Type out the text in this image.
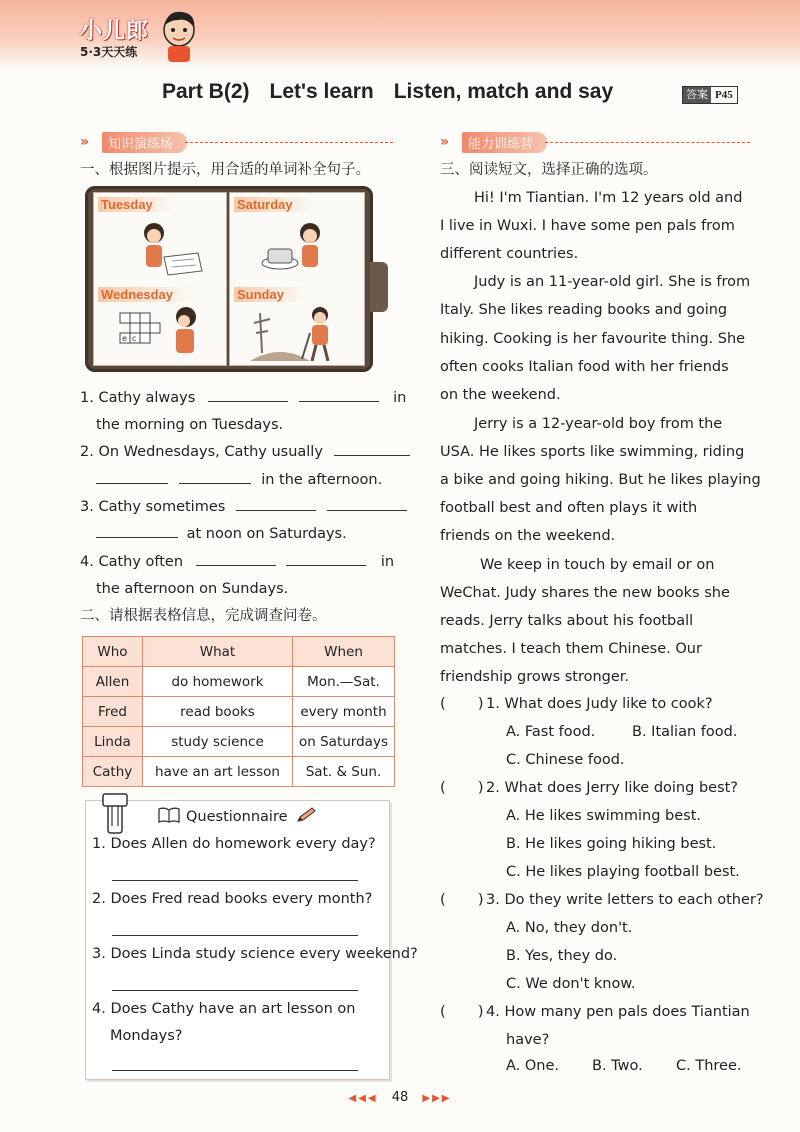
小儿郎
5·3天天练
Part B(2) Let's learn Listen, match and say	答案 P45
»	知识演练场
一、根据图片提示，用合适的单词补全句子。
Tuesday
Wednesday
e c
Saturday
Sunday
1. Cathy always	in
the morning on Tuesdays.
2. On Wednesdays, Cathy usually
in the afternoon.
3. Cathy sometimes
at noon on Saturdays.
4. Cathy often	in
the afternoon on Sundays.
二、请根据表格信息，完成调查问卷。
Who	What	When
Allen	do homework	Mon.—Sat.
Fred	read books	every month
Linda	study science	on Saturdays
Cathy	have an art lesson	Sat. & Sun.
Questionnaire
1. Does Allen do homework every day?
2. Does Fred read books every month?
3. Does Linda study science every weekend?
4. Does Cathy have an art lesson on
Mondays?
»	能力训练营
三、阅读短文，选择正确的选项。
Hi! I'm Tiantian. I'm 12 years old and
I live in Wuxi. I have some pen pals from
different countries.
Judy is an 11-year-old girl. She is from
Italy. She likes reading books and going
hiking. Cooking is her favourite thing. She
often cooks Italian food with her friends
on the weekend.
Jerry is a 12-year-old boy from the
USA. He likes sports like swimming, riding
a bike and going hiking. But he likes playing
football best and often plays it with
friends on the weekend.
We keep in touch by email or on
WeChat. Judy shares the new books she
reads. Jerry talks about his football
matches. I teach them Chinese. Our
friendship grows stronger.
(       ) 1. What does Judy like to cook?
A. Fast food.	B. Italian food.
C. Chinese food.
(       ) 2. What does Jerry like doing best?
A. He likes swimming best.
B. He likes going hiking best.
C. He likes playing football best.
(       ) 3. Do they write letters to each other?
A. No, they don't.
B. Yes, they do.
C. We don't know.
(       ) 4. How many pen pals does Tiantian
have?
A. One. B. Two. C. Three.
◀◀◀ 48 ▶▶▶
